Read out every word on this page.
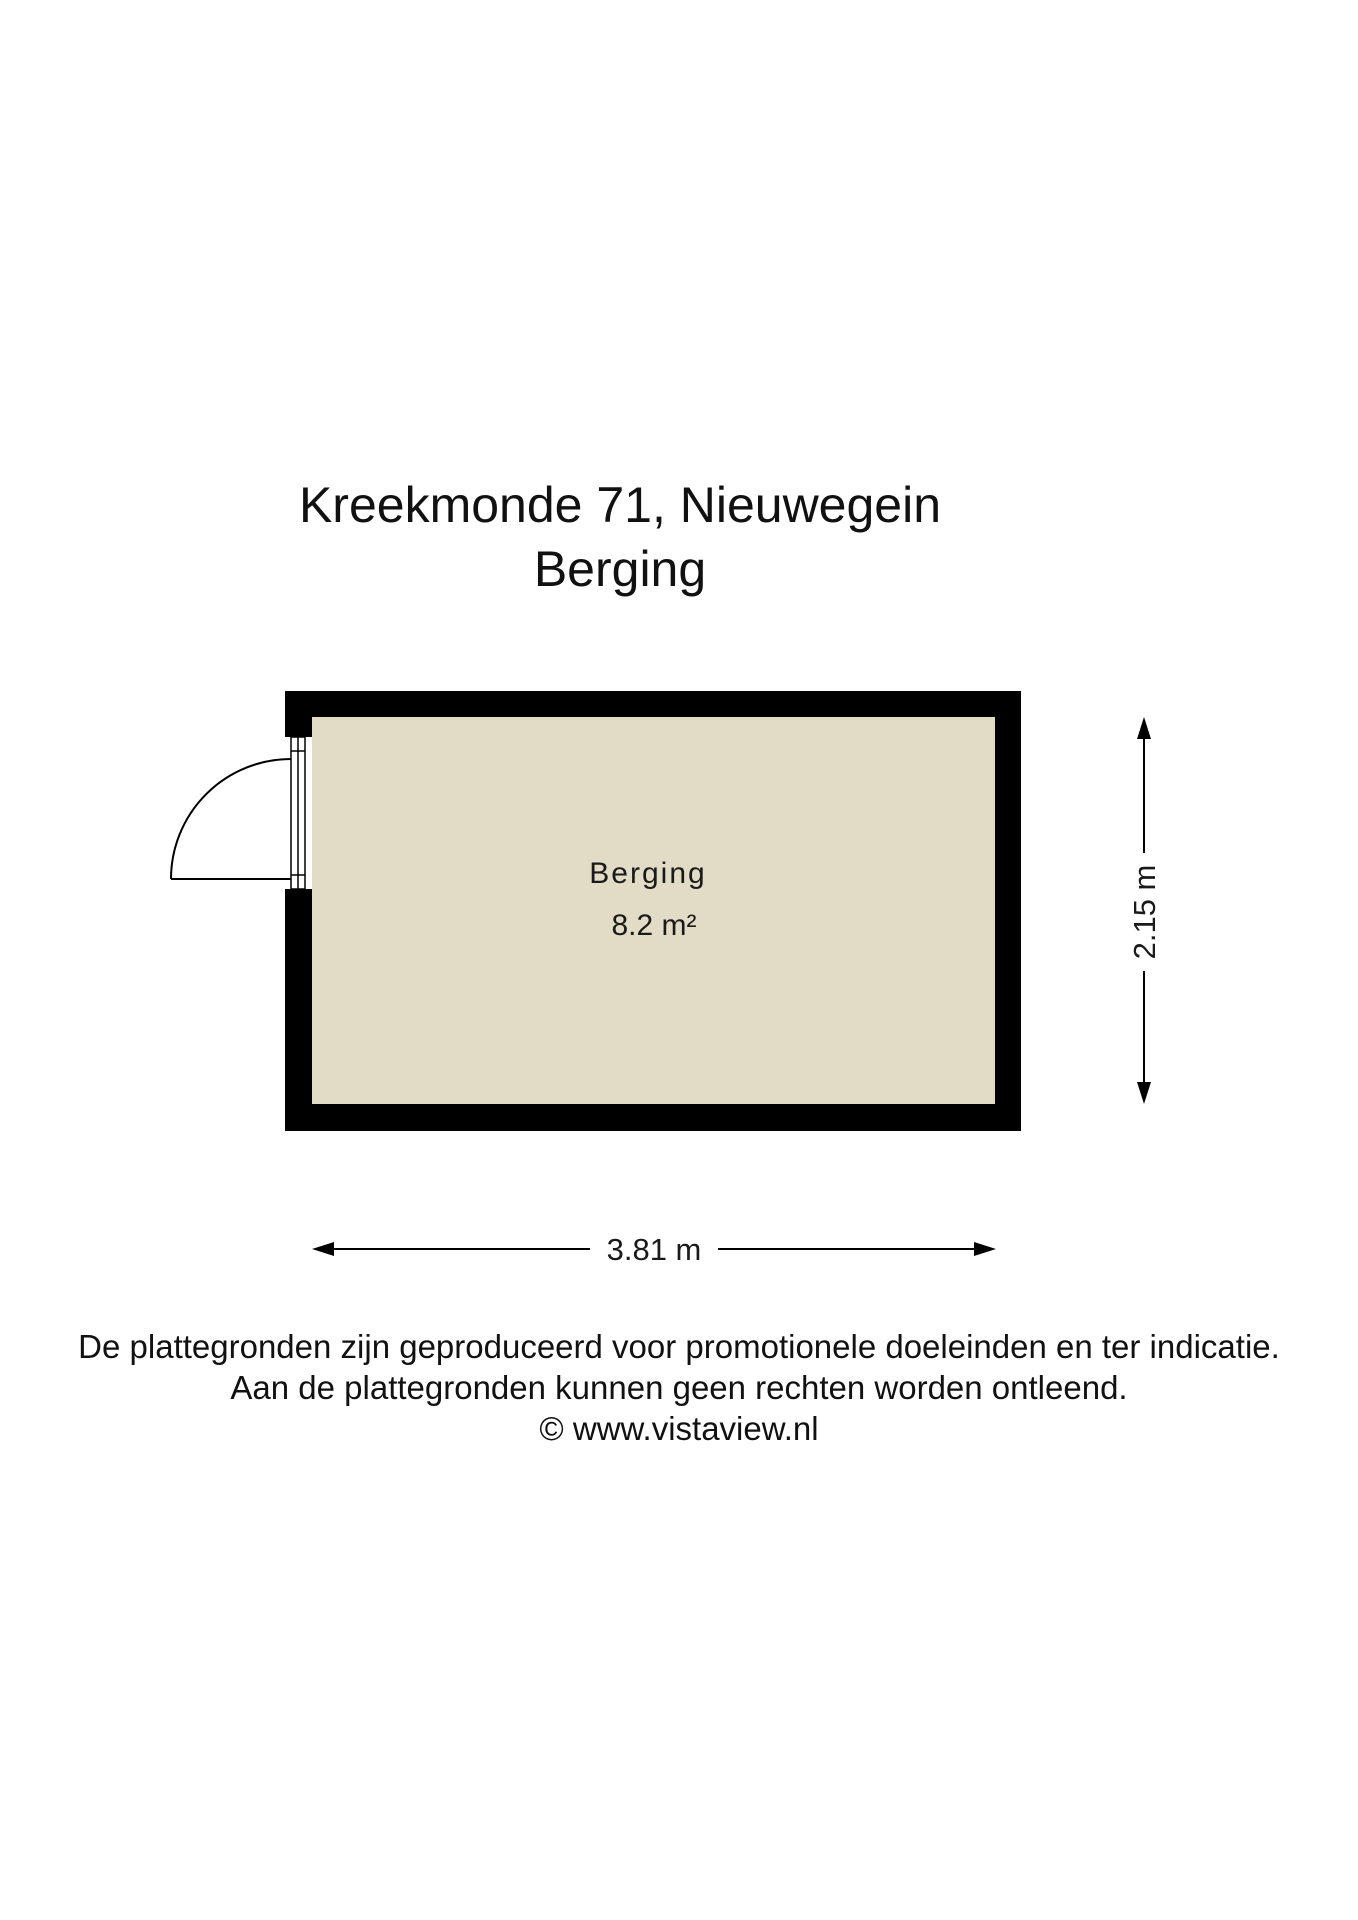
Kreekmonde 71, Nieuwegein
Berging
Berging
8.2 m²
3.81 m
2.15 m
De plattegronden zijn geproduceerd voor promotionele doeleinden en ter indicatie.
Aan de plattegronden kunnen geen rechten worden ontleend.
© www.vistaview.nl
